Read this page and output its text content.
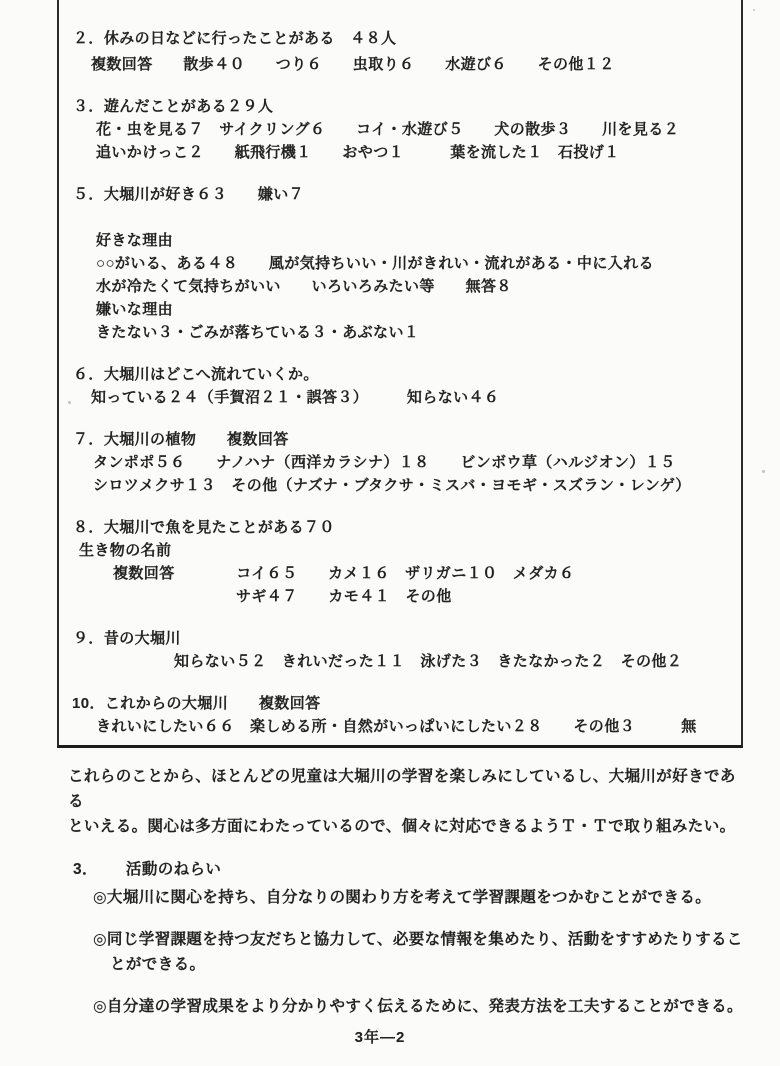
２．休みの日などに行ったことがある　４８人
複数回答　　散歩４０　　つり６　　虫取り６　　水遊び６　　その他１２
３．遊んだことがある２９人
花・虫を見る７　サイクリング６　　コイ・水遊び５　　犬の散歩３　　川を見る２
追いかけっこ２　　紙飛行機１　　おやつ１　　　葉を流した１　石投げ１
５．大堀川が好き６３　　嫌い７
好きな理由
○○がいる、ある４８　　風が気持ちいい・川がきれい・流れがある・中に入れる
水が冷たくて気持ちがいい　　いろいろみたい等　　無答８
嫌いな理由
きたない３・ごみが落ちている３・あぶない１
６．大堀川はどこへ流れていくか。
知っている２４（手賀沼２１・誤答３）　　　知らない４６
７．大堀川の植物　　複数回答
タンポポ５６　　ナノハナ（西洋カラシナ）１８　　ビンボウ草（ハルジオン）１５
シロツメクサ１３　その他（ナズナ・ブタクサ・ミスバ・ヨモギ・スズラン・レンゲ）
８．大堀川で魚を見たことがある７０
生き物の名前
複数回答　　　　コイ６５　　カメ１６　ザリガニ１０　メダカ６
サギ４７　　カモ４１　その他
９．昔の大堀川
知らない５２　きれいだった１１　泳げた３　きたなかった２　その他２
10．これからの大堀川　　複数回答
きれいにしたい６６　楽しめる所・自然がいっぱいにしたい２８　　その他３　　　無
これらのことから、ほとんどの児童は大堀川の学習を楽しみにしているし、大堀川が好きである
といえる。関心は多方面にわたっているので、個々に対応できるようＴ・Ｔで取り組みたい。
3． 活動のねらい
◎大堀川に関心を持ち、自分なりの関わり方を考えて学習課題をつかむことができる。
◎同じ学習課題を持つ友だちと協力して、必要な情報を集めたり、活動をすすめたりするこ
とができる。
◎自分達の学習成果をより分かりやすく伝えるために、発表方法を工夫することができる。
3年—2
